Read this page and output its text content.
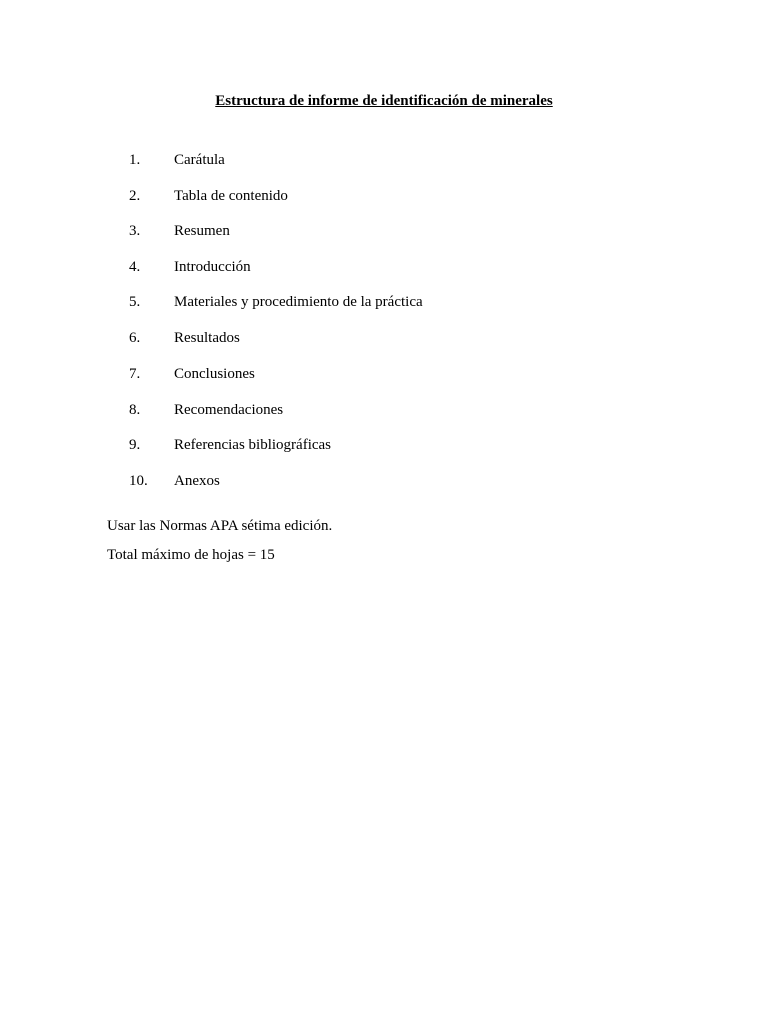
Estructura de informe de identificación de minerales
1. Carátula
2. Tabla de contenido
3. Resumen
4. Introducción
5. Materiales y procedimiento de la práctica
6. Resultados
7. Conclusiones
8. Recomendaciones
9. Referencias bibliográficas
10. Anexos
Usar las Normas APA sétima edición.
Total máximo de hojas = 15
